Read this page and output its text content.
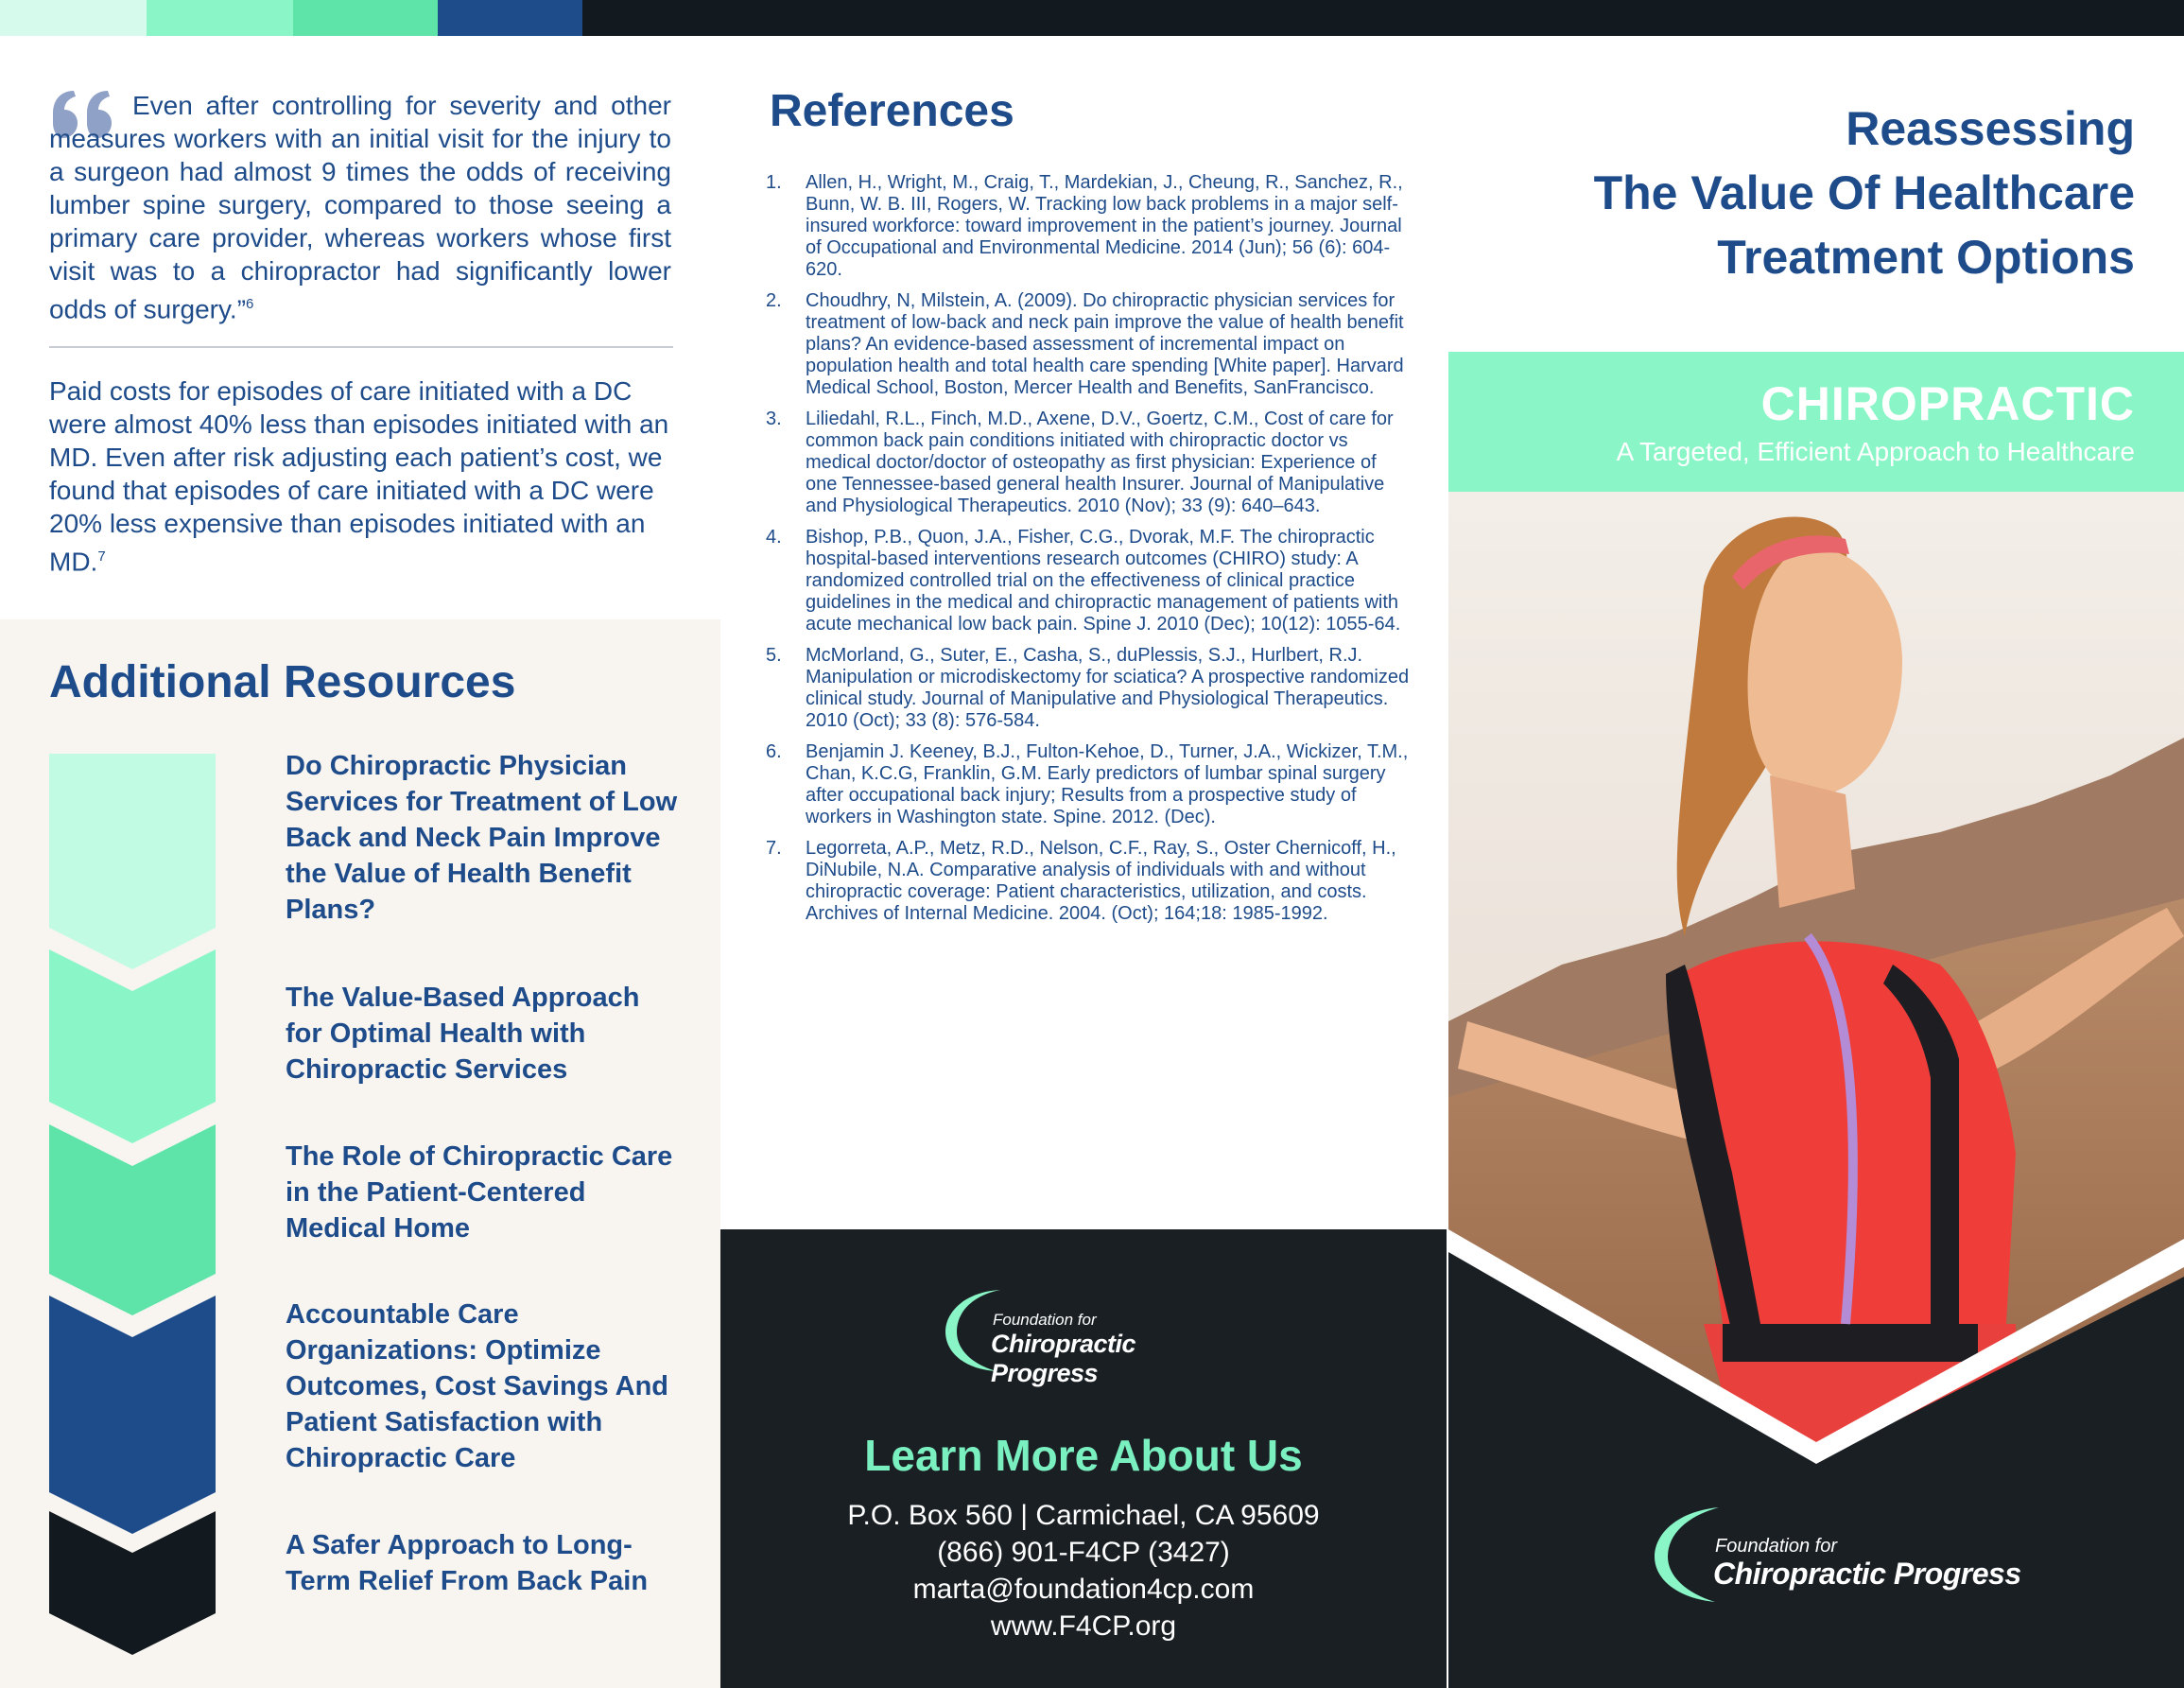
Even after controlling for severity and other measures workers with an initial visit for the injury to a surgeon had almost 9 times the odds of receiving lumber spine surgery, compared to those seeing a primary care provider, whereas workers whose first visit was to a chiropractor had significantly lower odds of surgery.”$^6$
Paid costs for episodes of care initiated with a DC were almost 40% less than episodes initiated with an MD. Even after risk adjusting each patient’s cost, we found that episodes of care initiated with a DC were 20% less expensive than episodes initiated with an MD.$^7$
Additional Resources
Do Chiropractic Physician Services for Treatment of Low Back and Neck Pain Improve the Value of Health Benefit Plans?
The Value-Based Approach for Optimal Health with Chiropractic Services
The Role of Chiropractic Care in the Patient-Centered Medical Home
Accountable Care Organizations: Optimize Outcomes, Cost Savings And Patient Satisfaction with Chiropractic Care
A Safer Approach to Long-Term Relief From Back Pain
References
1. Allen, H., Wright, M., Craig, T., Mardekian, J., Cheung, R., Sanchez, R., Bunn, W. B. III, Rogers, W. Tracking low back problems in a major self-insured workforce: toward improvement in the patient’s journey. Journal of Occupational and Environmental Medicine. 2014 (Jun); 56 (6): 604-620.
2. Choudhry, N, Milstein, A. (2009). Do chiropractic physician services for treatment of low-back and neck pain improve the value of health benefit plans? An evidence-based assessment of incremental impact on population health and total health care spending [White paper]. Harvard Medical School, Boston, Mercer Health and Benefits, SanFrancisco.
3. Liliedahl, R.L., Finch, M.D., Axene, D.V., Goertz, C.M., Cost of care for common back pain conditions initiated with chiropractic doctor vs medical doctor/doctor of osteopathy as first physician: Experience of one Tennessee-based general health Insurer. Journal of Manipulative and Physiological Therapeutics. 2010 (Nov); 33 (9): 640–643.
4. Bishop, P.B., Quon, J.A., Fisher, C.G., Dvorak, M.F. The chiropractic hospital-based interventions research outcomes (CHIRO) study: A randomized controlled trial on the effectiveness of clinical practice guidelines in the medical and chiropractic management of patients with acute mechanical low back pain. Spine J. 2010 (Dec); 10(12): 1055-64.
5. McMorland, G., Suter, E., Casha, S., duPlessis, S.J., Hurlbert, R.J. Manipulation or microdiskectomy for sciatica? A prospective randomized clinical study. Journal of Manipulative and Physiological Therapeutics. 2010 (Oct); 33 (8): 576-584.
6. Benjamin J. Keeney, B.J., Fulton-Kehoe, D., Turner, J.A., Wickizer, T.M., Chan, K.C.G, Franklin, G.M. Early predictors of lumbar spinal surgery after occupational back injury; Results from a prospective study of workers in Washington state. Spine. 2012. (Dec).
7. Legorreta, A.P., Metz, R.D., Nelson, C.F., Ray, S., Oster Chernicoff, H., DiNubile, N.A. Comparative analysis of individuals with and without chiropractic coverage: Patient characteristics, utilization, and costs. Archives of Internal Medicine. 2004. (Oct); 164;18: 1985-1992.
Foundation for
Chiropractic Progress
Learn More About Us
P.O. Box 560 | Carmichael, CA 95609
(866) 901-F4CP (3427)
marta@foundation4cp.com
www.F4CP.org
Reassessing
The Value Of Healthcare
Treatment Options
CHIROPRACTIC
A Targeted, Efficient Approach to Healthcare
Foundation for
Chiropractic Progress
